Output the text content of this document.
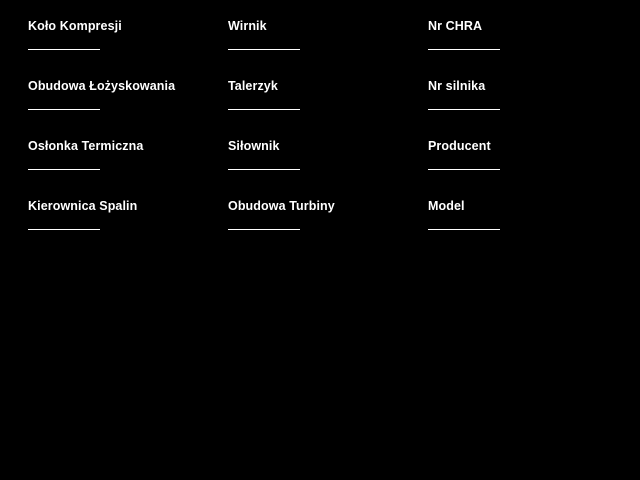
Koło Kompresji	Wirnik	Nr CHRA
Obudowa Łożyskowania	Talerzyk	Nr silnika
Osłonka Termiczna	Siłownik	Producent
Kierownica Spalin	Obudowa Turbiny	Model
